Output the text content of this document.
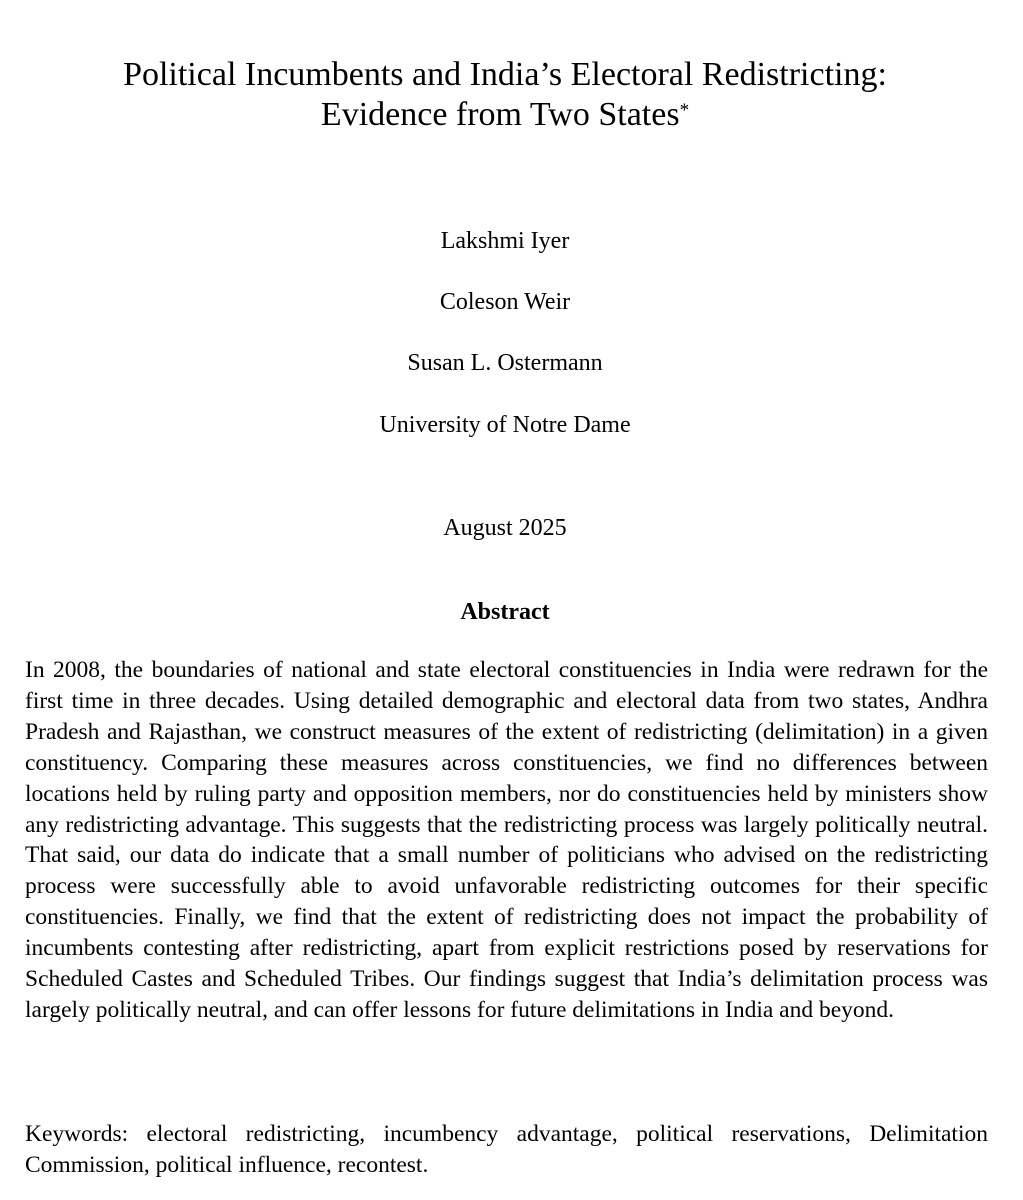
Political Incumbents and India’s Electoral Redistricting:
Evidence from Two States*
Lakshmi Iyer
Coleson Weir
Susan L. Ostermann
University of Notre Dame
August 2025
Abstract

In 2008, the boundaries of national and state electoral constituencies in India were redrawn for the first time in three decades. Using detailed demographic and electoral data from two states, Andhra Pradesh and Rajasthan, we construct measures of the extent of redistricting (delimitation) in a given constituency. Comparing these measures across constituencies, we find no differences between locations held by ruling party and opposition members, nor do constituencies held by ministers show any redistricting advantage. This suggests that the redistricting process was largely politically neutral. That said, our data do indicate that a small number of politicians who advised on the redistricting process were successfully able to avoid unfavorable redistricting outcomes for their specific constituencies. Finally, we find that the extent of redistricting does not impact the probability of incumbents contesting after redistricting, apart from explicit restrictions posed by reservations for Scheduled Castes and Scheduled Tribes. Our findings suggest that India’s delimitation process was largely politically neutral, and can offer lessons for future delimitations in India and beyond.

Keywords: electoral redistricting, incumbency advantage, political reservations, Delimitation Commission, political influence, recontest.
